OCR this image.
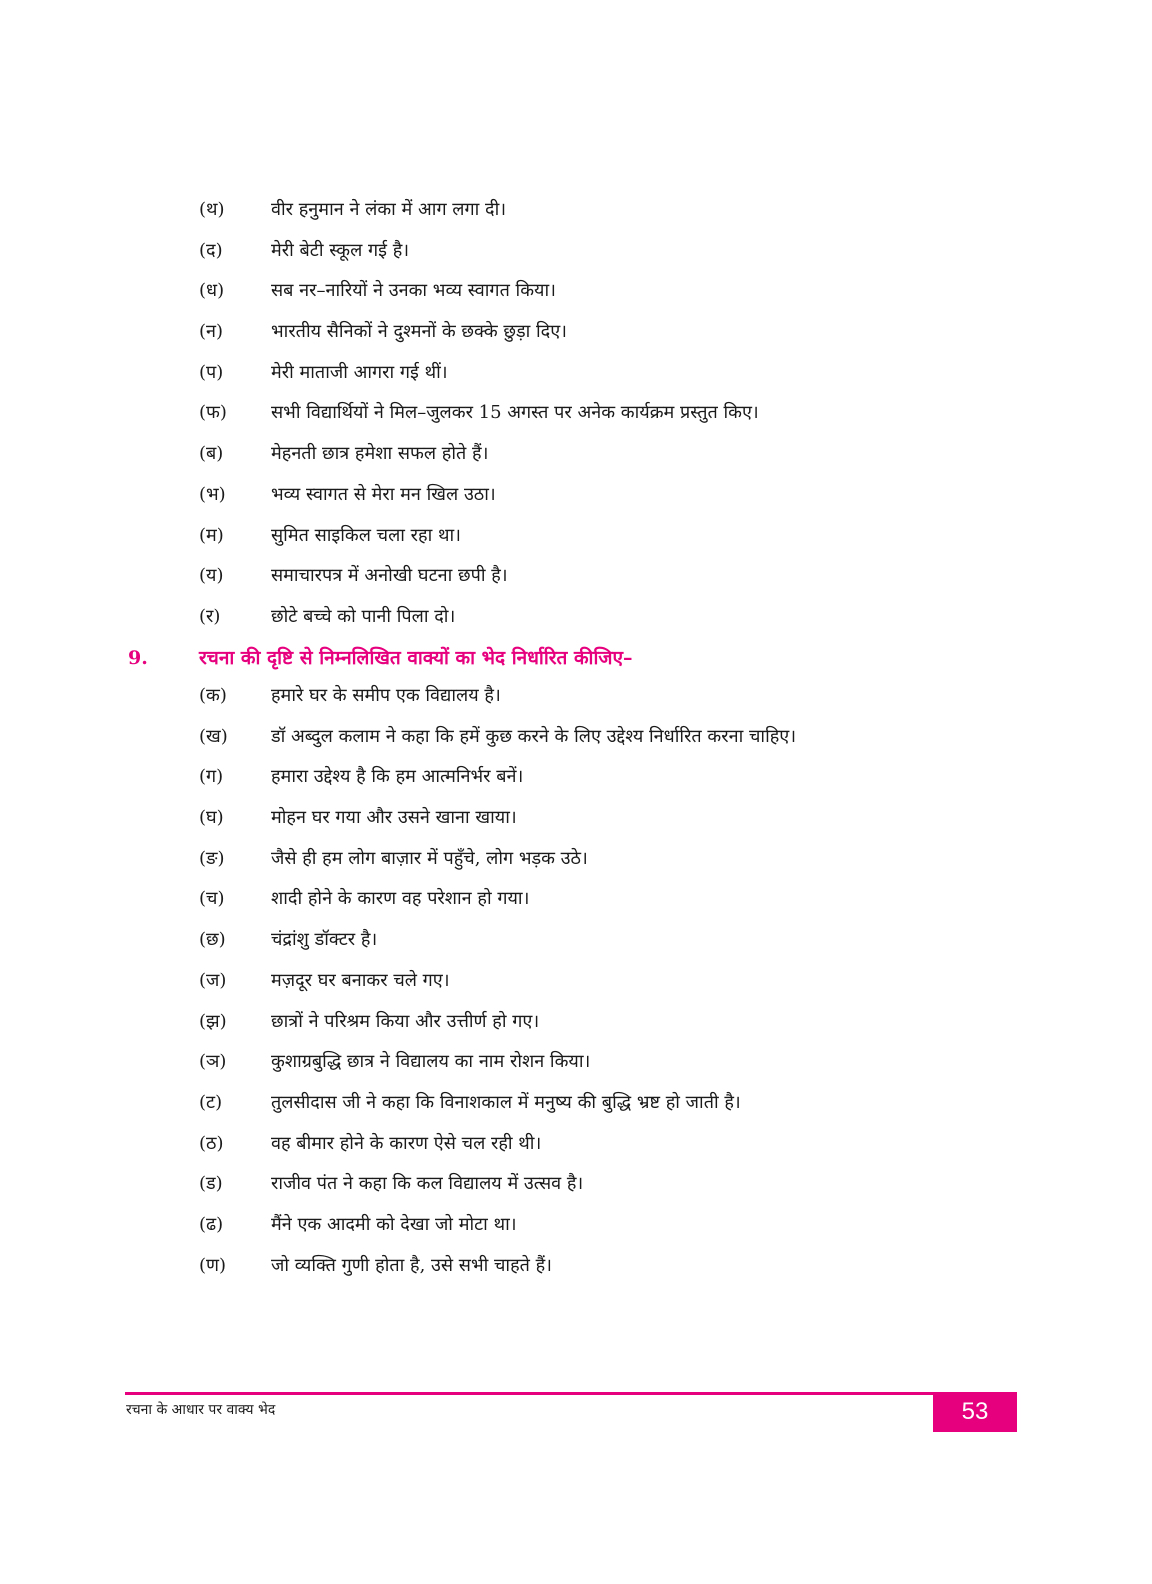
(थ)	वीर हनुमान ने लंका में आग लगा दी।
(द)	मेरी बेटी स्कूल गई है।
(ध)	सब नर–नारियों ने उनका भव्य स्वागत किया।
(न)	भारतीय सैनिकों ने दुश्मनों के छक्के छुड़ा दिए।
(प)	मेरी माताजी आगरा गई थीं।
(फ)	सभी विद्यार्थियों ने मिल–जुलकर 15 अगस्त पर अनेक कार्यक्रम प्रस्तुत किए।
(ब)	मेहनती छात्र हमेशा सफल होते हैं।
(भ)	भव्य स्वागत से मेरा मन खिल उठा।
(म)	सुमित साइकिल चला रहा था।
(य)	समाचारपत्र में अनोखी घटना छपी है।
(र)	छोटे बच्चे को पानी पिला दो।
9.	रचना की दृष्टि से निम्नलिखित वाक्यों का भेद निर्धारित कीजिए–
(क)	हमारे घर के समीप एक विद्यालय है।
(ख)	डॉ अब्दुल कलाम ने कहा कि हमें कुछ करने के लिए उद्देश्य निर्धारित करना चाहिए।
(ग)	हमारा उद्देश्य है कि हम आत्मनिर्भर बनें।
(घ)	मोहन घर गया और उसने खाना खाया।
(ङ)	जैसे ही हम लोग बाज़ार में पहुँचे, लोग भड़क उठे।
(च)	शादी होने के कारण वह परेशान हो गया।
(छ)	चंद्रांशु डॉक्टर है।
(ज)	मज़दूर घर बनाकर चले गए।
(झ)	छात्रों ने परिश्रम किया और उत्तीर्ण हो गए।
(ञ)	कुशाग्रबुद्धि छात्र ने विद्यालय का नाम रोशन किया।
(ट)	तुलसीदास जी ने कहा कि विनाशकाल में मनुष्य की बुद्धि भ्रष्ट हो जाती है।
(ठ)	वह बीमार होने के कारण ऐसे चल रही थी।
(ड)	राजीव पंत ने कहा कि कल विद्यालय में उत्सव है।
(ढ)	मैंने एक आदमी को देखा जो मोटा था।
(ण)	जो व्यक्ति गुणी होता है, उसे सभी चाहते हैं।
रचना के आधार पर वाक्य भेद	53
